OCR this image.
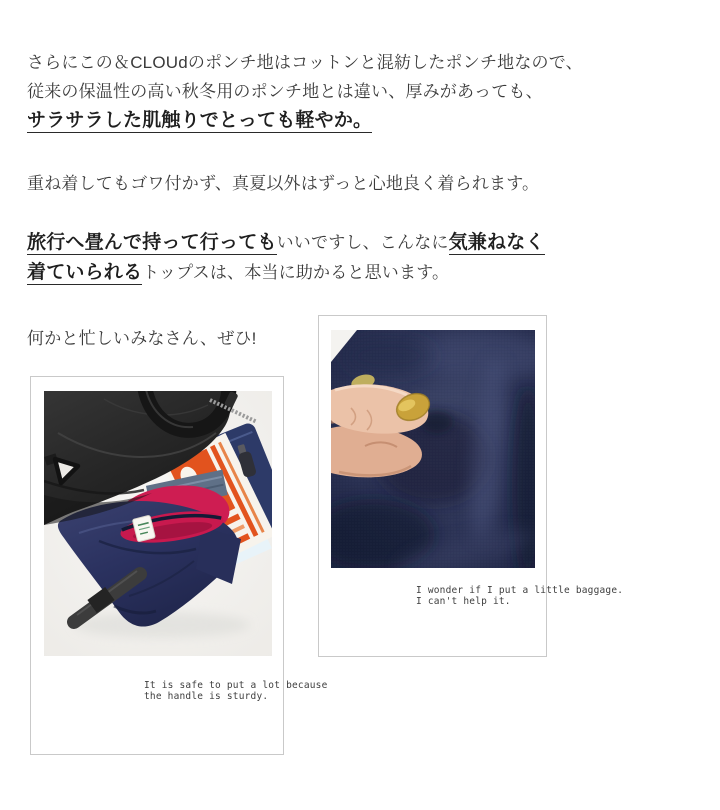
さらにこの＆CLOUdのポンチ地はコットンと混紡したポンチ地なので、
従来の保温性の高い秋冬用のポンチ地とは違い、厚みがあっても、
サラサラした肌触りでとっても軽やか。

重ね着してもゴワ付かず、真夏以外はずっと心地良く着られます。

旅行へ畳んで持って行ってもいいですし、こんなに気兼ねなく
着ていられるトップスは、本当に助かると思います。

何かと忙しいみなさん、ぜひ!

I wonder if I put a little baggage.
I can't help it.
It is safe to put a lot because
the handle is sturdy.
